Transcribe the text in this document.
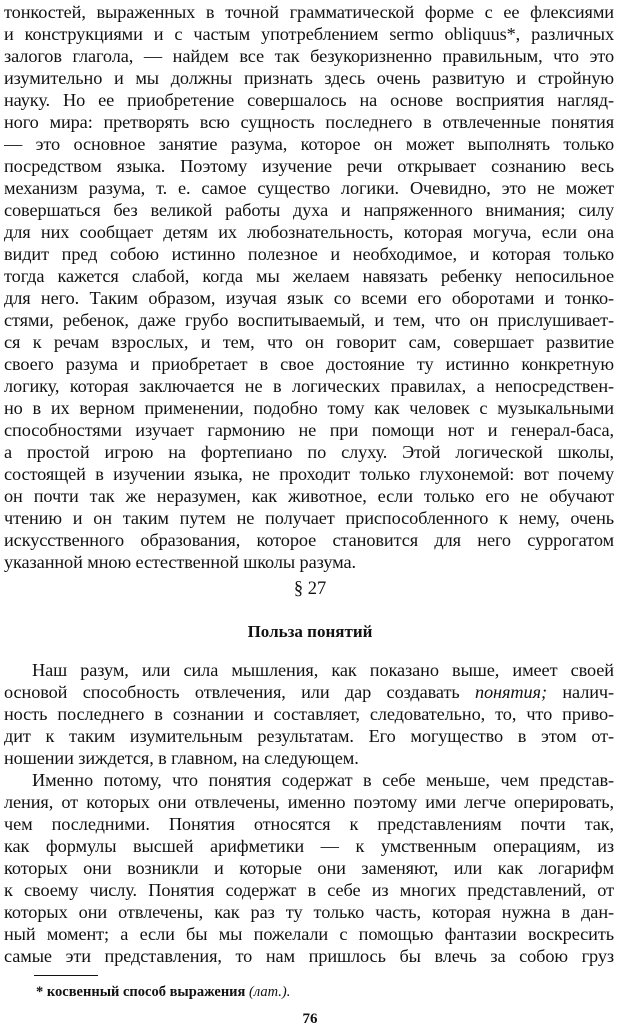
тонкостей, выраженных в точной грамматической форме с ее флексиями
и конструкциями и с частым употреблением sermo obliquus*, различных
залогов глагола, — найдем все так безукоризненно правильным, что это
изумительно и мы должны признать здесь очень развитую и стройную
науку. Но ее приобретение совершалось на основе восприятия нагляд-
ного мира: претворять всю сущность последнего в отвлеченные понятия
— это основное занятие разума, которое он может выполнять только
посредством языка. Поэтому изучение речи открывает сознанию весь
механизм разума, т. е. самое существо логики. Очевидно, это не может
совершаться без великой работы духа и напряженного внимания; силу
для них сообщает детям их любознательность, которая могуча, если она
видит пред собою истинно полезное и необходимое, и которая только
тогда кажется слабой, когда мы желаем навязать ребенку непосильное
для него. Таким образом, изучая язык со всеми его оборотами и тонко-
стями, ребенок, даже грубо воспитываемый, и тем, что он прислушивает-
ся к речам взрослых, и тем, что он говорит сам, совершает развитие
своего разума и приобретает в свое достояние ту истинно конкретную
логику, которая заключается не в логических правилах, а непосредствен-
но в их верном применении, подобно тому как человек с музыкальными
способностями изучает гармонию не при помощи нот и генерал-баса,
а простой игрою на фортепиано по слуху. Этой логической школы,
состоящей в изучении языка, не проходит только глухонемой: вот почему
он почти так же неразумен, как животное, если только его не обучают
чтению и он таким путем не получает приспособленного к нему, очень
искусственного образования, которое становится для него суррогатом
указанной мною естественной школы разума.
§ 27
Польза понятий
Наш разум, или сила мышления, как показано выше, имеет своей
основой способность отвлечения, или дар создавать понятия; налич-
ность последнего в сознании и составляет, следовательно, то, что приво-
дит к таким изумительным результатам. Его могущество в этом от-
ношении зиждется, в главном, на следующем.
Именно потому, что понятия содержат в себе меньше, чем представ-
ления, от которых они отвлечены, именно поэтому ими легче оперировать,
чем последними. Понятия относятся к представлениям почти так,
как формулы высшей арифметики — к умственным операциям, из
которых они возникли и которые они заменяют, или как логарифм
к своему числу. Понятия содержат в себе из многих представлений, от
которых они отвлечены, как раз ту только часть, которая нужна в дан-
ный момент; а если бы мы пожелали с помощью фантазии воскресить
самые эти представления, то нам пришлось бы влечь за собою груз
* косвенный способ выражения (лат.).
76
